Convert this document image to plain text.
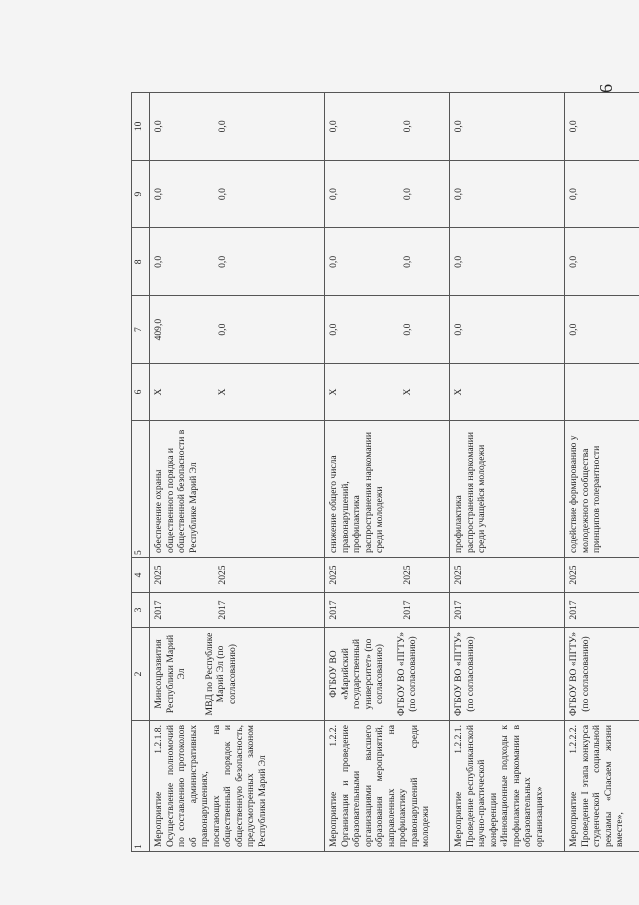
6
1	2	3	4	5	6	7	8	9	10
Мероприятие 1.2.1.8. Осуществление полномочий по составлению протоколов об административных правонарушениях, посягающих на общественный порядок и общественную безопасность, предусмотренных законом Республики Марий Эл	Минсоцразвития Республики Марий Эл МВД по Республике Марий Эл (по согласованию)	2017 2017	2025 2025	обеспечение охраны общественного порядка и общественной безопасности в Республике Марий Эл	X X	409,0 0,0	0,0 0,0	0,0 0,0	0,0 0,0

Мероприятие 1.2.2. Организация и проведение образовательными организациями высшего образования мероприятий, направленных на профилактику правонарушений среди молодежи	ФГБОУ ВО «Марийский государственный университет» (по согласованию) ФГБОУ ВО «ПГТУ» (по согласованию)	2017 2017	2025 2025	снижение общего числа правонарушений, профилактика распространения наркомании среди молодежи	X X	0,0 0,0	0,0 0,0	0,0 0,0	0,0 0,0

Мероприятие 1.2.2.1. Проведение республиканской научно-практической конференции «Инновационные подходы к профилактике наркомании в образовательных организациях»	ФГБОУ ВО «ПГТУ» (по согласованию)	2017	2025	профилактика распространения наркомании среди учащейся молодежи	X	0,0	0,0	0,0	0,0
Мероприятие 1.2.2.2. Проведение I этапа конкурса студенческой социальной рекламы «Спасаем жизни вместе»,	ФГБОУ ВО «ПГТУ» (по согласованию)	2017	2025	содействие формированию у молодежного сообщества принципов толерантности		0,0	0,0	0,0	0,0
